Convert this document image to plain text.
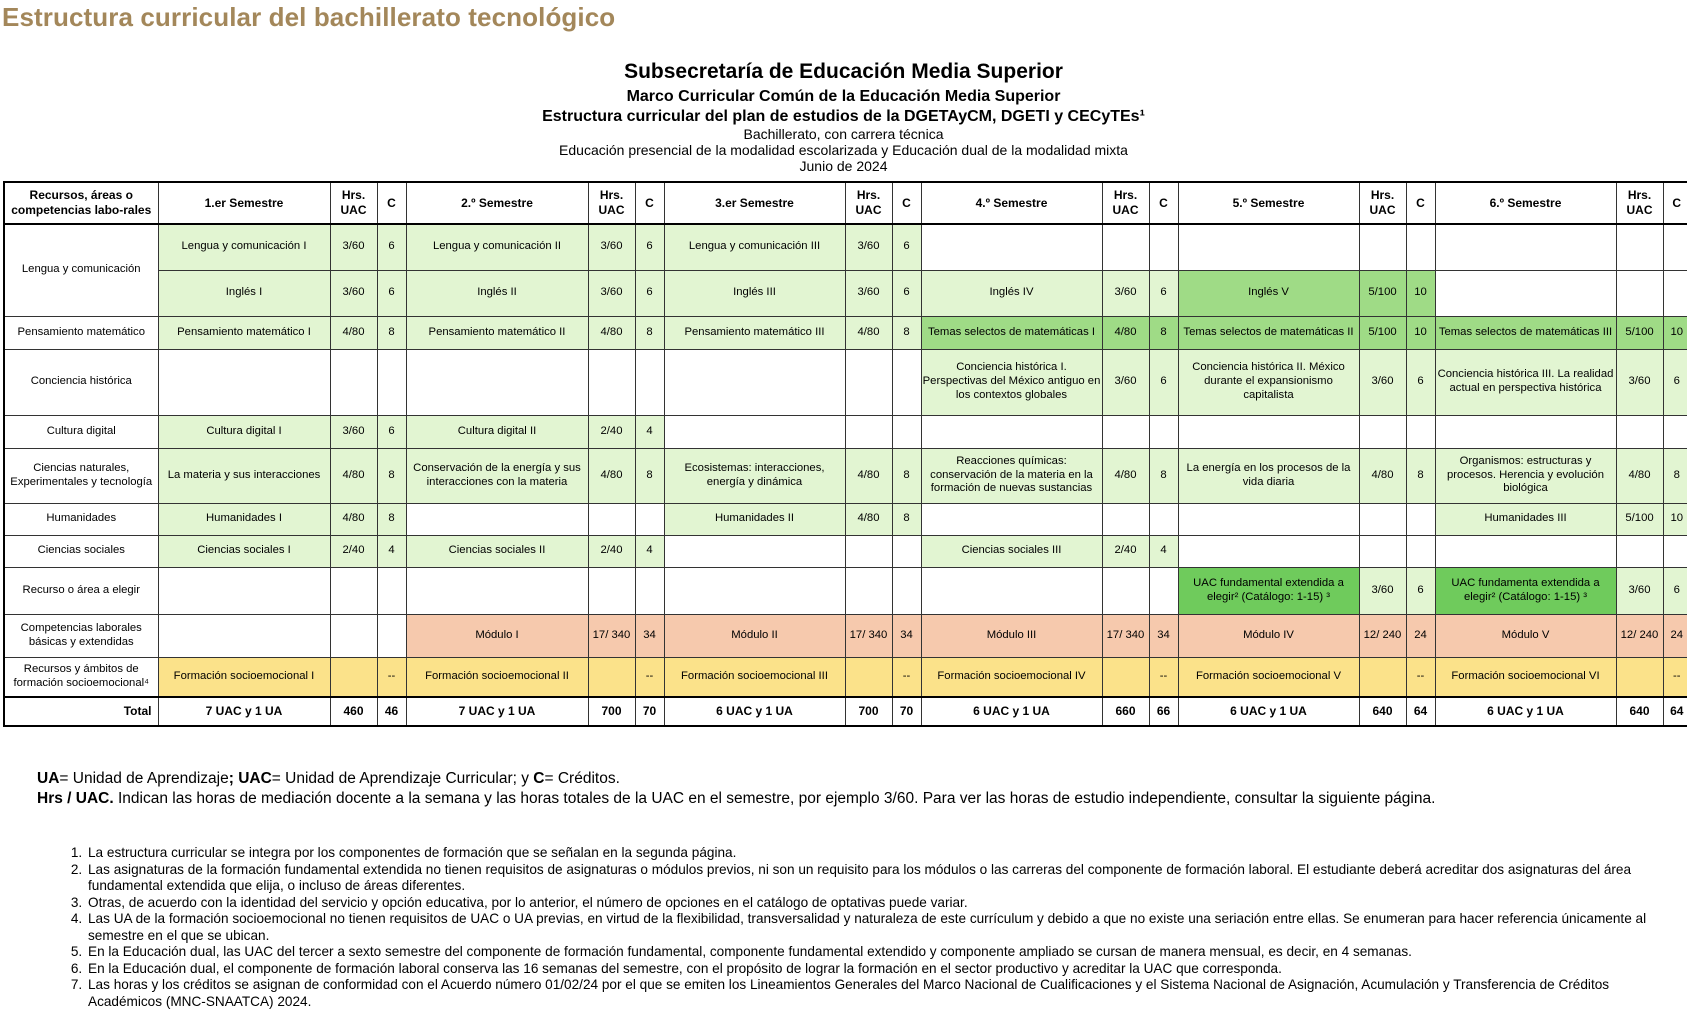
Estructura curricular del bachillerato tecnológico
Subsecretaría de Educación Media Superior
Marco Curricular Común de la Educación Media Superior
Estructura curricular del plan de estudios de la DGETAyCM, DGETI y CECyTEs¹
Bachillerato, con carrera técnica
Educación presencial de la modalidad escolarizada y Educación dual de la modalidad mixta
Junio de 2024
Recursos, áreas o competencias labo-rales	1.er Semestre	Hrs. UAC	C	2.º Semestre	Hrs. UAC	C	3.er Semestre	Hrs. UAC	C	4.º Semestre	Hrs. UAC	C	5.º Semestre	Hrs. UAC	C	6.º Semestre	Hrs. UAC	C
Lengua y comunicación	Lengua y comunicación I	3/60	6	Lengua y comunicación II	3/60	6	Lengua y comunicación III	3/60	6									
	Inglés I	3/60	6	Inglés II	3/60	6	Inglés III	3/60	6	Inglés IV	3/60	6	Inglés V	5/100	10			
Pensamiento matemático	Pensamiento matemático I	4/80	8	Pensamiento matemático II	4/80	8	Pensamiento matemático III	4/80	8	Temas selectos de matemáticas I	4/80	8	Temas selectos de matemáticas II	5/100	10	Temas selectos de matemáticas III	5/100	10
Conciencia histórica										Conciencia histórica I. Perspectivas del México antiguo en los contextos globales	3/60	6	Conciencia histórica II. México durante el expansionismo capitalista	3/60	6	Conciencia histórica III. La realidad actual en perspectiva histórica	3/60	6
Cultura digital	Cultura digital I	3/60	6	Cultura digital II	2/40	4												
Ciencias naturales, Experimentales y tecnología	La materia y sus interacciones	4/80	8	Conservación de la energía y sus interacciones con la materia	4/80	8	Ecosistemas: interacciones, energía y dinámica	4/80	8	Reacciones químicas: conservación de la materia en la formación de nuevas sustancias	4/80	8	La energía en los procesos de la vida diaria	4/80	8	Organismos: estructuras y procesos. Herencia y evolución biológica	4/80	8
Humanidades	Humanidades I	4/80	8				Humanidades II	4/80	8							Humanidades III	5/100	10
Ciencias sociales	Ciencias sociales I	2/40	4	Ciencias sociales II	2/40	4				Ciencias sociales III	2/40	4						
Recurso o área a elegir													UAC fundamental extendida a elegir² (Catálogo: 1-15) ³	3/60	6	UAC fundamenta extendida a elegir² (Catálogo: 1-15) ³	3/60	6
Competencias laborales básicas y extendidas				Módulo I	17/ 340	34	Módulo II	17/ 340	34	Módulo III	17/ 340	34	Módulo IV	12/ 240	24	Módulo V	12/ 240	24
Recursos y ámbitos de formación socioemocional⁴	Formación socioemocional I		--	Formación socioemocional II		--	Formación socioemocional III		--	Formación socioemocional IV		--	Formación socioemocional V		--	Formación socioemocional VI		--
Total	7 UAC y 1 UA	460	46	7 UAC y 1 UA	700	70	6 UAC y 1 UA	700	70	6 UAC y 1 UA	660	66	6 UAC y 1 UA	640	64	6 UAC y 1 UA	640	64
UA= Unidad de Aprendizaje; UAC= Unidad de Aprendizaje Curricular; y C= Créditos.
Hrs / UAC. Indican las horas de mediación docente a la semana y las horas totales de la UAC en el semestre, por ejemplo 3/60. Para ver las horas de estudio independiente, consultar la siguiente página.
1. La estructura curricular se integra por los componentes de formación que se señalan en la segunda página.
2. Las asignaturas de la formación fundamental extendida no tienen requisitos de asignaturas o módulos previos, ni son un requisito para los módulos o las carreras del componente de formación laboral. El estudiante deberá acreditar dos asignaturas del área fundamental extendida que elija, o incluso de áreas diferentes.
3. Otras, de acuerdo con la identidad del servicio y opción educativa, por lo anterior, el número de opciones en el catálogo de optativas puede variar.
4. Las UA de la formación socioemocional no tienen requisitos de UAC o UA previas, en virtud de la flexibilidad, transversalidad y naturaleza de este currículum y debido a que no existe una seriación entre ellas. Se enumeran para hacer referencia únicamente al semestre en el que se ubican.
5. En la Educación dual, las UAC del tercer a sexto semestre del componente de formación fundamental, componente fundamental extendido y componente ampliado se cursan de manera mensual, es decir, en 4 semanas.
6. En la Educación dual, el componente de formación laboral conserva las 16 semanas del semestre, con el propósito de lograr la formación en el sector productivo y acreditar la UAC que corresponda.
7. Las horas y los créditos se asignan de conformidad con el Acuerdo número 01/02/24 por el que se emiten los Lineamientos Generales del Marco Nacional de Cualificaciones y el Sistema Nacional de Asignación, Acumulación y Transferencia de Créditos Académicos (MNC-SNAATCA) 2024.
